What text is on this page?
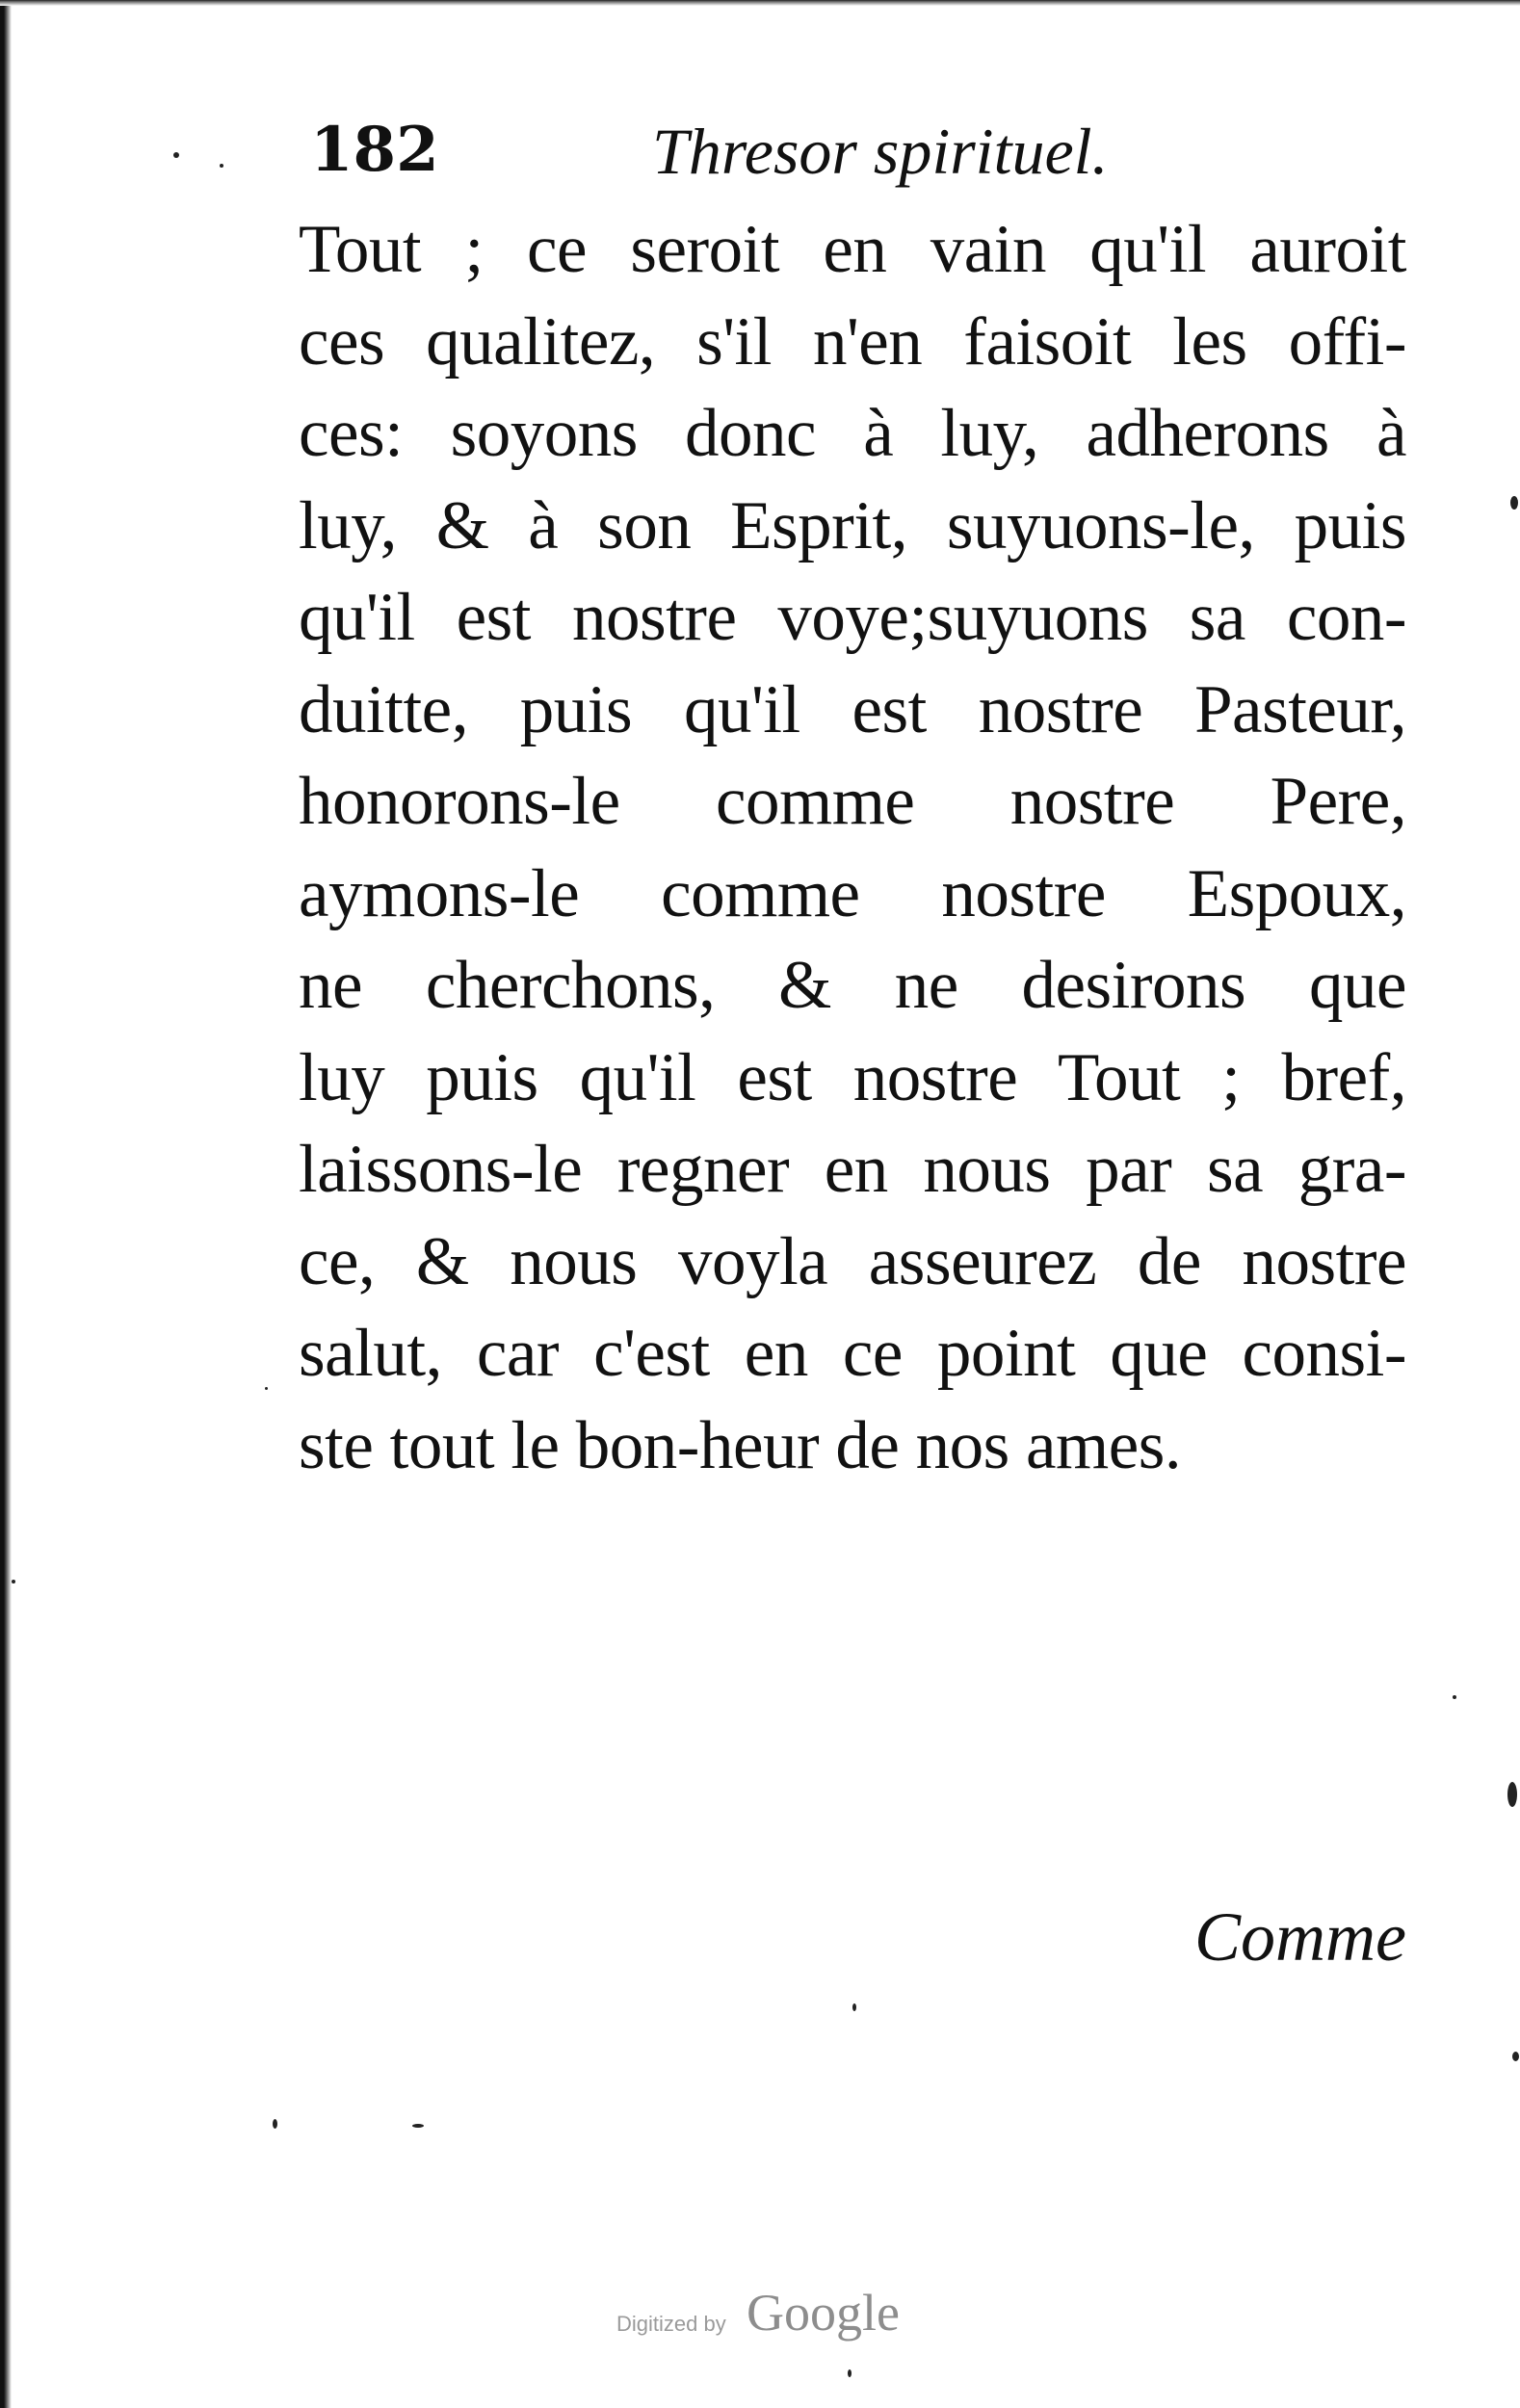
182	Thresor spirituel.
Tout ; ce seroit en vain qu'il auroit
ces qualitez, s'il n'en faisoit les offi-
ces: soyons donc à luy, adherons à
luy, & à son Esprit, suyuons-le, puis
qu'il est nostre voye;suyuons sa con-
duitte, puis qu'il est nostre Pasteur,
honorons-le comme nostre Pere,
aymons-le comme nostre Espoux,
ne cherchons, & ne desirons que
luy puis qu'il est nostre Tout ; bref,
laissons-le regner en nous par sa gra-
ce, & nous voyla asseurez de nostre
salut, car c'est en ce point que consi-
ste tout le bon-heur de nos ames.
Comme
Digitized by Google
